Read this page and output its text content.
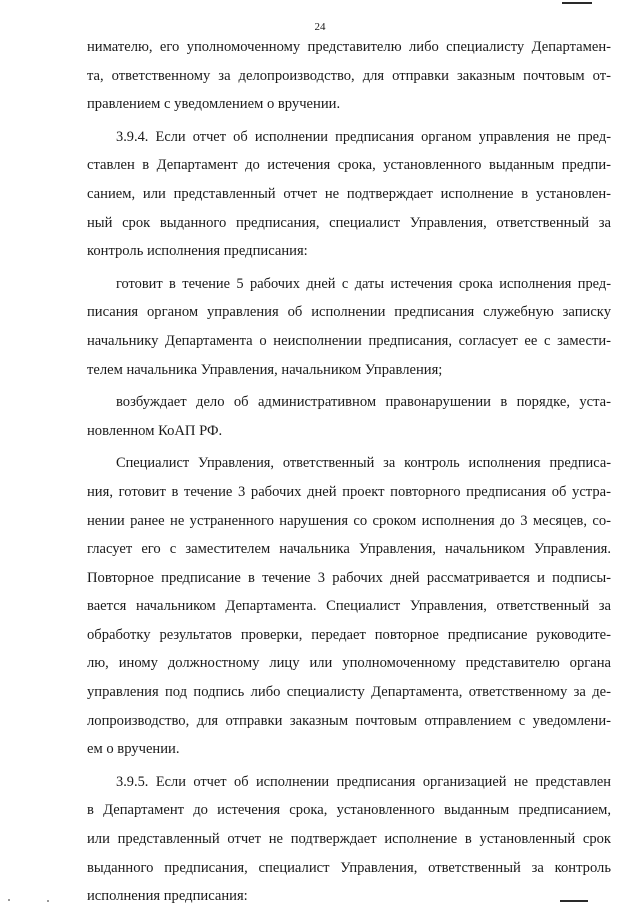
24
нимателю, его уполномоченному представителю либо специалисту Департамен-
та, ответственному за делопроизводство, для отправки заказным почтовым от-
правлением с уведомлением о вручении.
3.9.4. Если отчет об исполнении предписания органом управления не пред-
ставлен в Департамент до истечения срока, установленного выданным предпи-
санием, или представленный отчет не подтверждает исполнение в установлен-
ный срок выданного предписания, специалист Управления, ответственный за
контроль исполнения предписания:
готовит в течение 5 рабочих дней с даты истечения срока исполнения пред-
писания органом управления об исполнении предписания служебную записку
начальнику Департамента о неисполнении предписания, согласует ее с замести-
телем начальника Управления, начальником Управления;
возбуждает дело об административном правонарушении в порядке, уста-
новленном КоАП РФ.
Специалист Управления, ответственный за контроль исполнения предписа-
ния, готовит в течение 3 рабочих дней проект повторного предписания об устра-
нении ранее не устраненного нарушения со сроком исполнения до 3 месяцев, со-
гласует его с заместителем начальника Управления, начальником Управления.
Повторное предписание в течение 3 рабочих дней рассматривается и подписы-
вается начальником Департамента. Специалист Управления, ответственный за
обработку результатов проверки, передает повторное предписание руководите-
лю, иному должностному лицу или уполномоченному представителю органа
управления под подпись либо специалисту Департамента, ответственному за де-
лопроизводство, для отправки заказным почтовым отправлением с уведомлени-
ем о вручении.
3.9.5. Если отчет об исполнении предписания организацией не представлен
в Департамент до истечения срока, установленного выданным предписанием,
или представленный отчет не подтверждает исполнение в установленный срок
выданного предписания, специалист Управления, ответственный за контроль
исполнения предписания:
